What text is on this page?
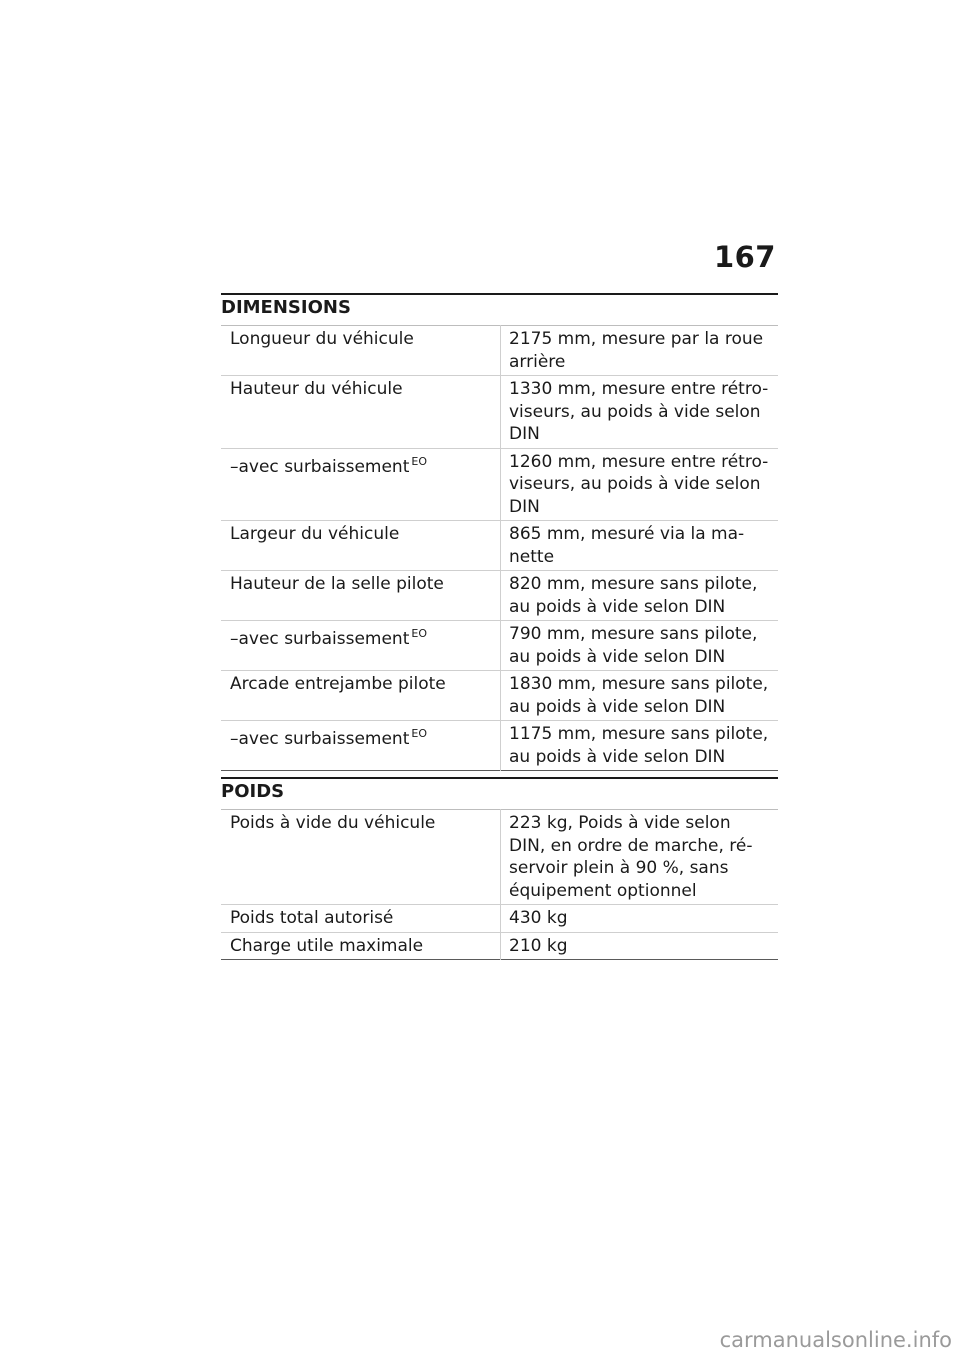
167
DIMENSIONS
Longueur du véhicule	2175 mm, mesure par la roue arrière
Hauteur du véhicule	1330 mm, mesure entre rétro-viseurs, au poids à vide selon DIN
–avec surbaissement $^{EO}$	1260 mm, mesure entre rétro-viseurs, au poids à vide selon DIN
Largeur du véhicule	865 mm, mesuré via la ma-nette
Hauteur de la selle pilote	820 mm, mesure sans pilote, au poids à vide selon DIN
–avec surbaissement $^{EO}$	790 mm, mesure sans pilote, au poids à vide selon DIN
Arcade entrejambe pilote	1830 mm, mesure sans pilote, au poids à vide selon DIN
–avec surbaissement $^{EO}$	1175 mm, mesure sans pilote, au poids à vide selon DIN
POIDS
Poids à vide du véhicule	223 kg, Poids à vide selon DIN, en ordre de marche, ré-servoir plein à 90 %, sans équipement optionnel
Poids total autorisé	430 kg
Charge utile maximale	210 kg
carmanualsonline.info
